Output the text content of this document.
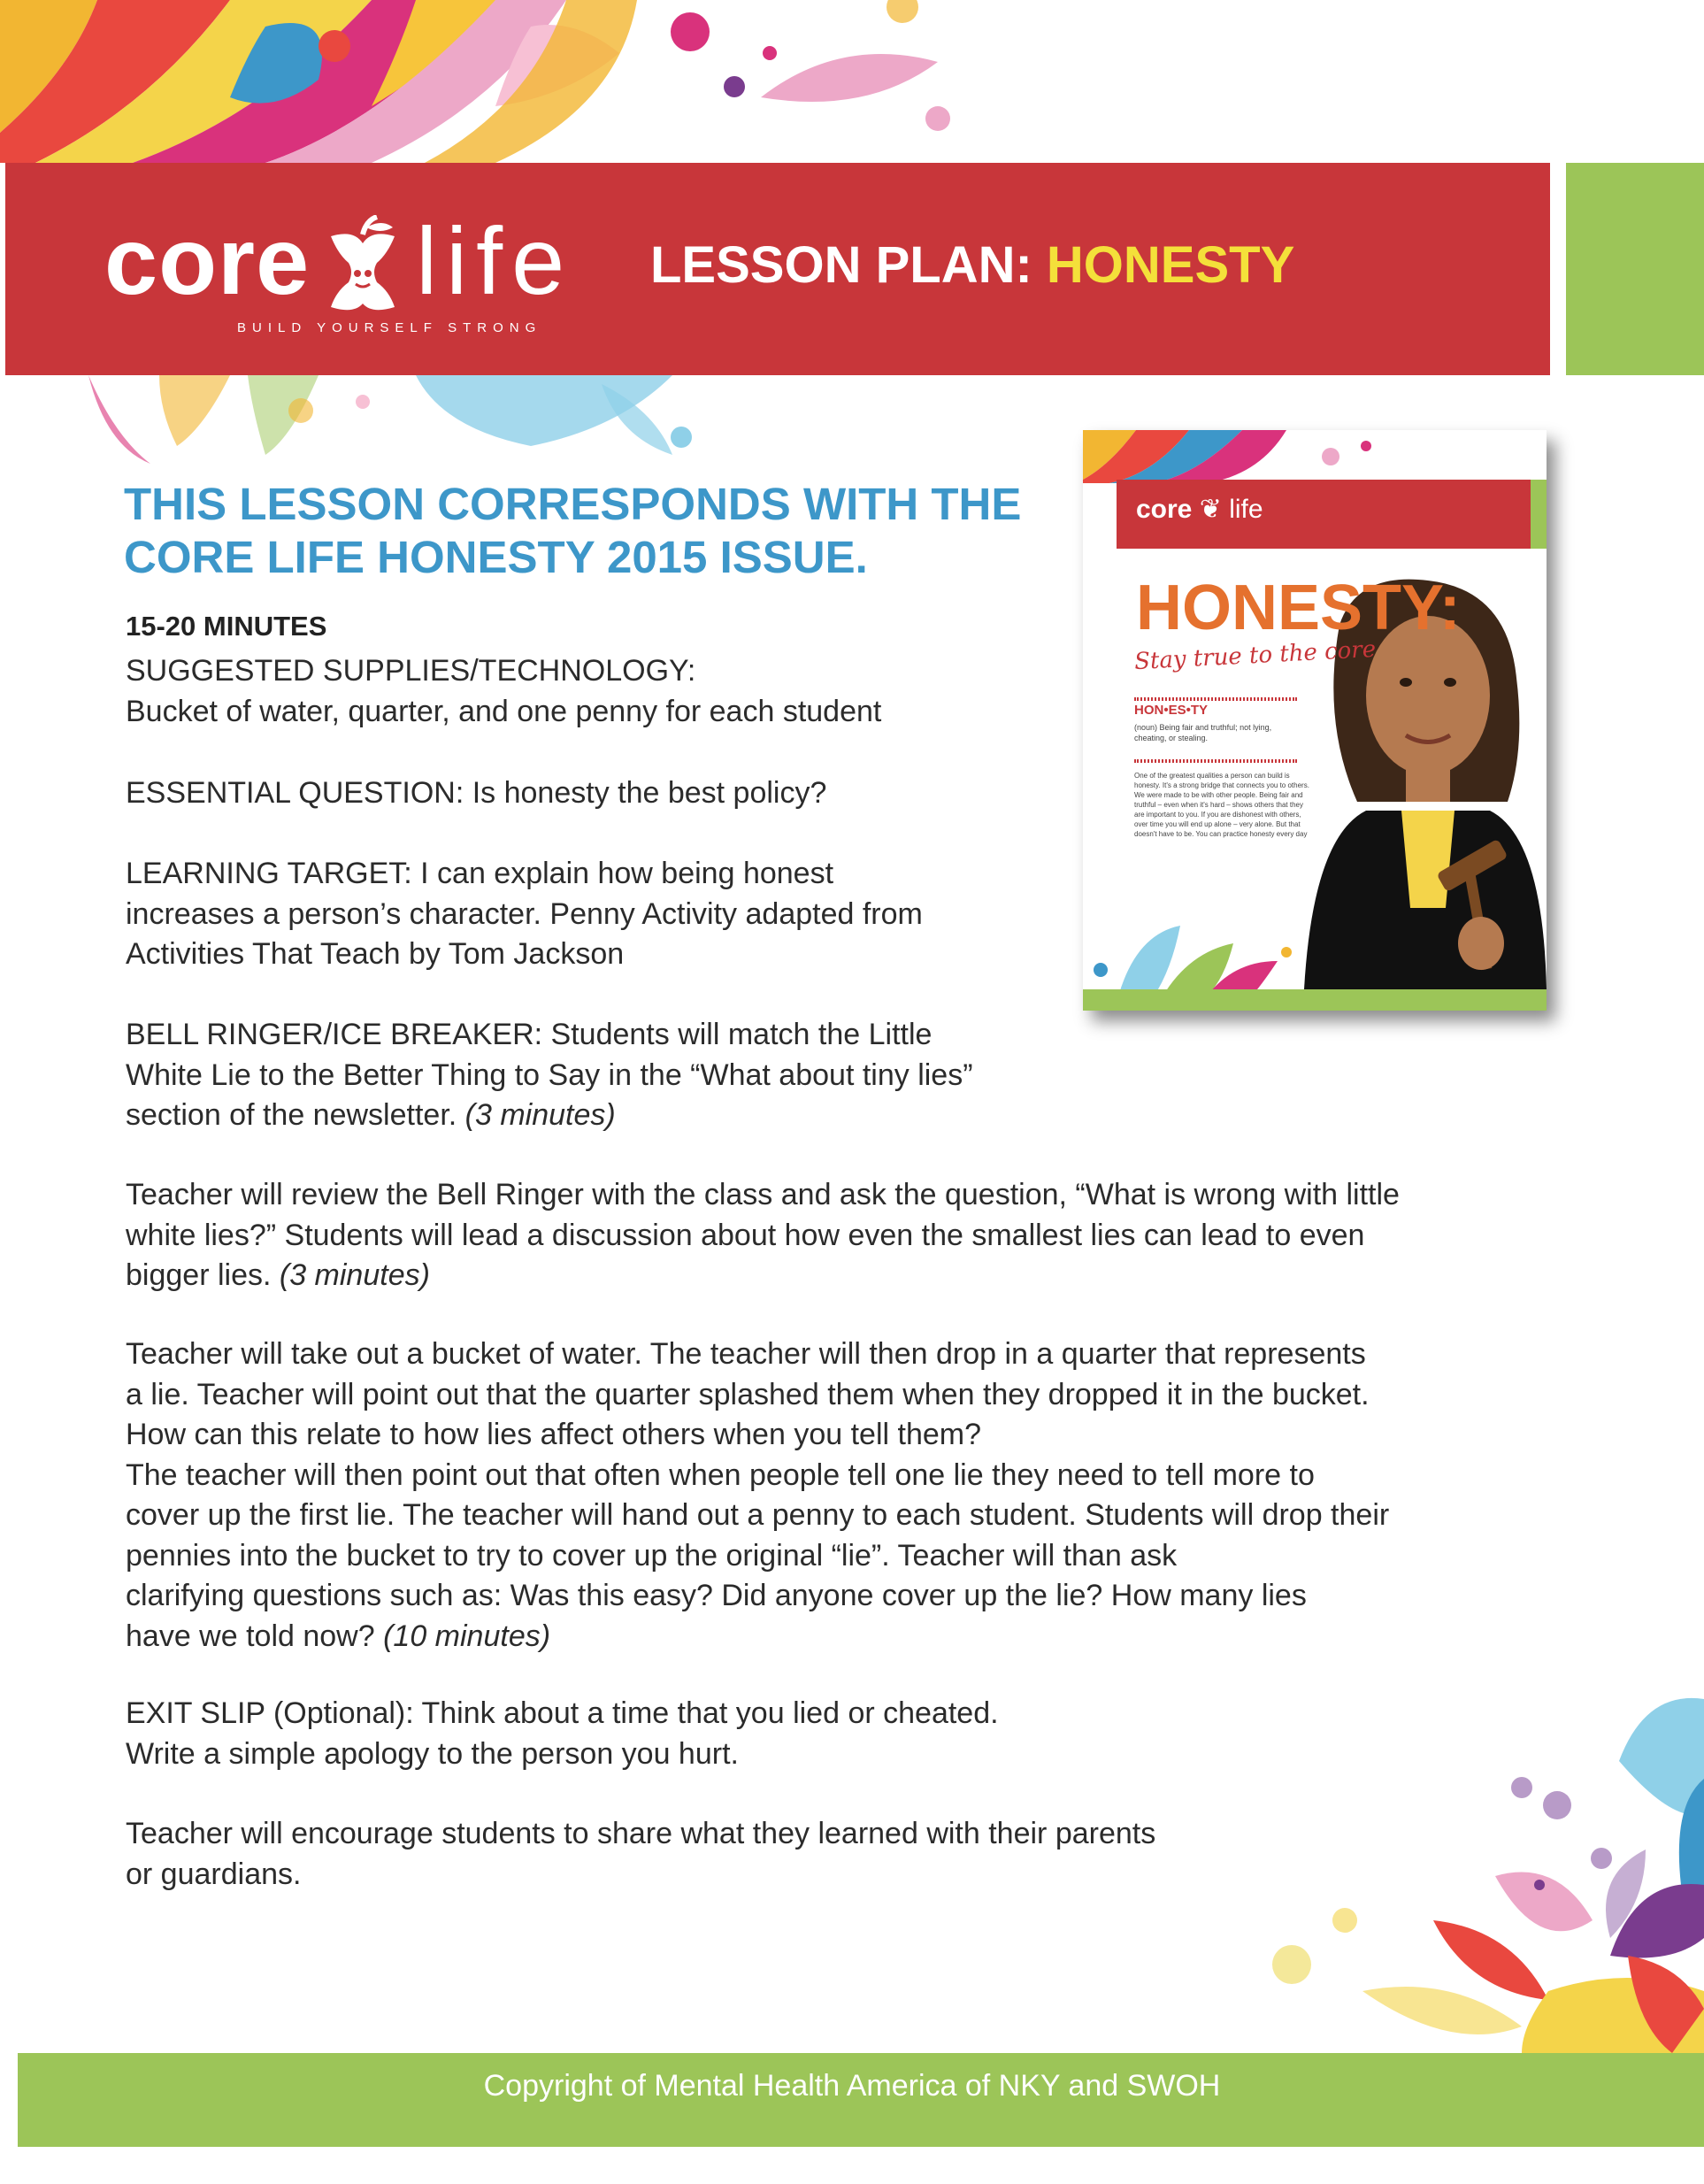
core life
BUILD YOURSELF STRONG
LESSON PLAN: HONESTY
THIS LESSON CORRESPONDS WITH THE
CORE LIFE HONESTY 2015 ISSUE.
15-20 MINUTES
SUGGESTED SUPPLIES/TECHNOLOGY:
Bucket of water, quarter, and one penny for each student
ESSENTIAL QUESTION: Is honesty the best policy?
LEARNING TARGET: I can explain how being honest
increases a person’s character. Penny Activity adapted from
Activities That Teach by Tom Jackson
BELL RINGER/ICE BREAKER: Students will match the Little
White Lie to the Better Thing to Say in the “What about tiny lies”
section of the newsletter. (3 minutes)
Teacher will review the Bell Ringer with the class and ask the question, “What is wrong with little
white lies?” Students will lead a discussion about how even the smallest lies can lead to even
bigger lies. (3 minutes)
Teacher will take out a bucket of water. The teacher will then drop in a quarter that represents
a lie. Teacher will point out that the quarter splashed them when they dropped it in the bucket.
How can this relate to how lies affect others when you tell them?
The teacher will then point out that often when people tell one lie they need to tell more to
cover up the first lie. The teacher will hand out a penny to each student. Students will drop their
pennies into the bucket to try to cover up the original “lie”. Teacher will than ask
clarifying questions such as: Was this easy? Did anyone cover up the lie? How many lies
have we told now? (10 minutes)
EXIT SLIP (Optional): Think about a time that you lied or cheated.
Write a simple apology to the person you hurt.
Teacher will encourage students to share what they learned with their parents
or guardians.
core ❦ life
HONESTY:
Stay true to the core
HON•ES•TY
(noun) Being fair and truthful; not lying, cheating, or stealing.
One of the greatest qualities a person can build is honesty. It's a strong bridge that connects you to others. We were made to be with other people. Being fair and truthful – even when it's hard – shows others that they are important to you. If you are dishonest with others, over time you will end up alone – very alone. But that doesn't have to be. You can practice honesty every day
Copyright of Mental Health America of NKY and SWOH
